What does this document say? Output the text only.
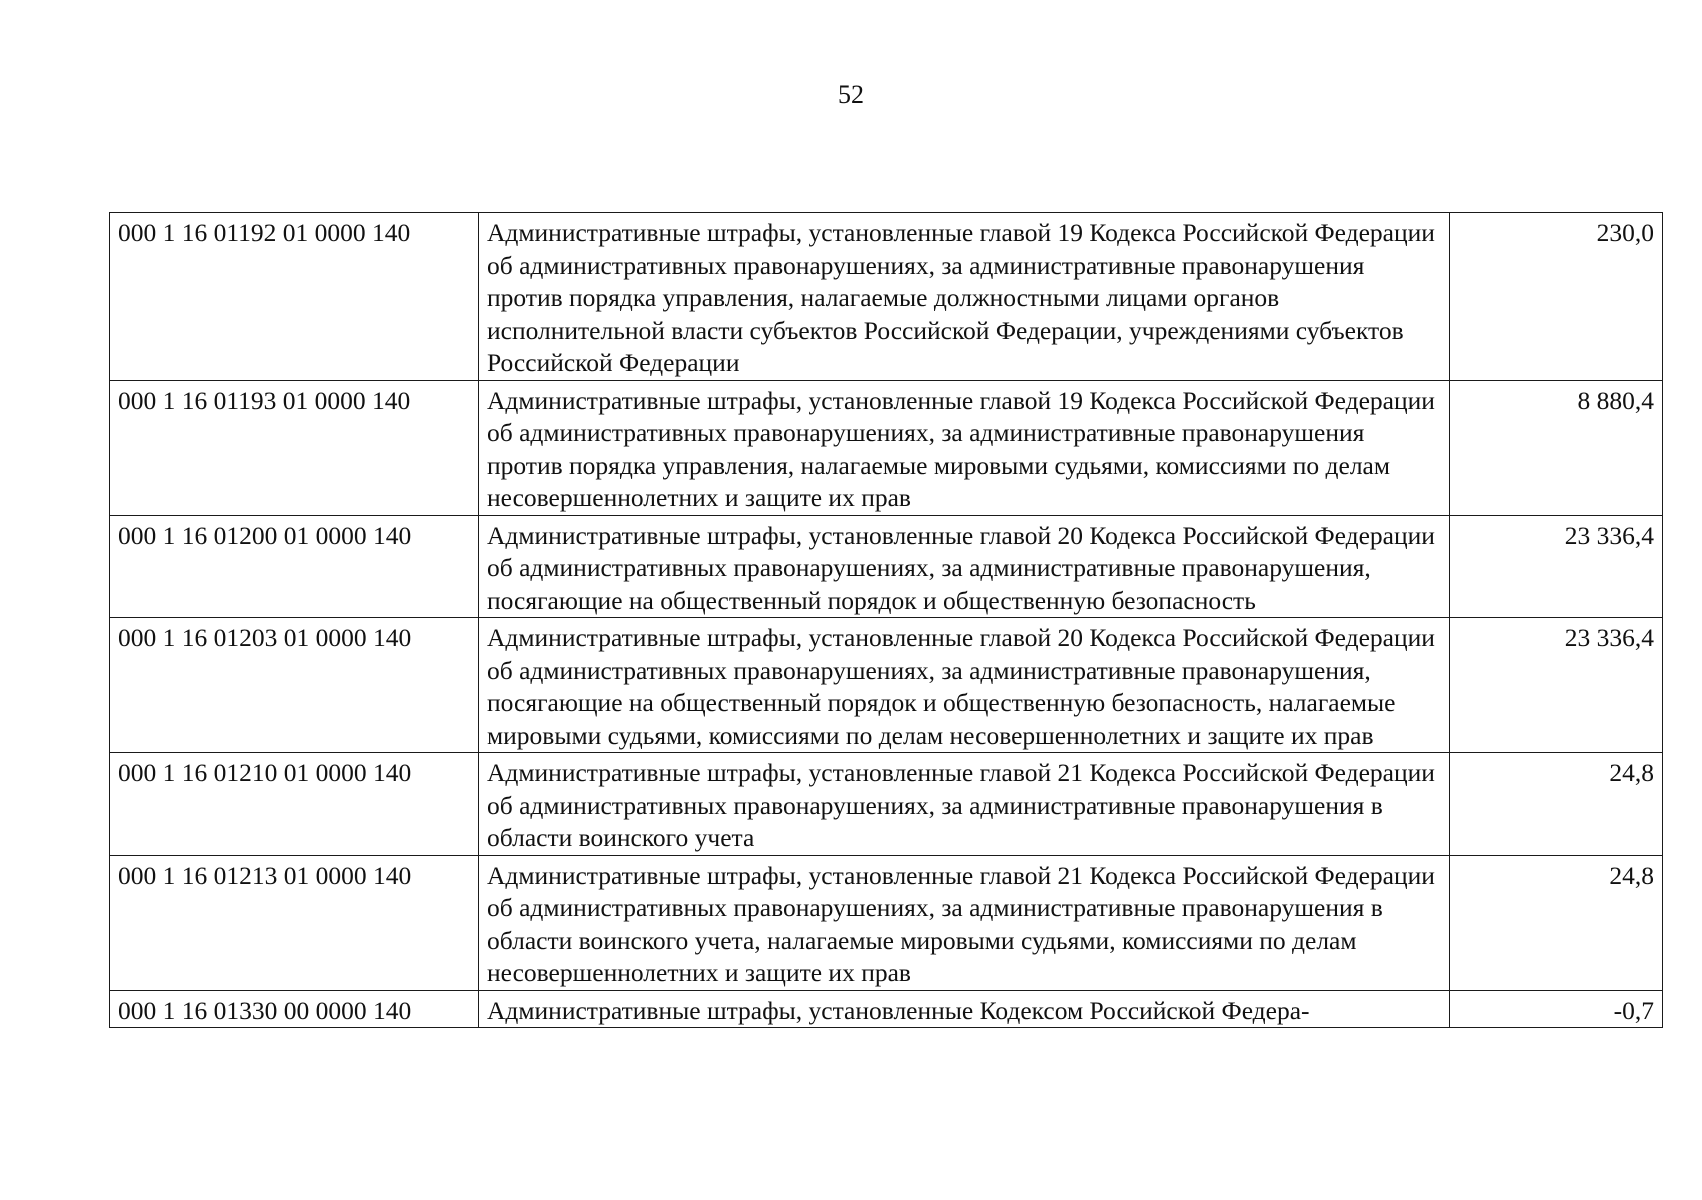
52
000 1 16 01192 01 0000 140	Административные штрафы, установленные главой 19 Кодекса Российской Федерации об административных правонарушениях, за административные правонарушения против порядка управления, налагаемые должностными лицами органов исполнительной власти субъектов Российской Федерации, учреждениями субъектов Российской Федерации	230,0
000 1 16 01193 01 0000 140	Административные штрафы, установленные главой 19 Кодекса Российской Федерации об административных правонарушениях, за административные правонарушения против порядка управления, налагаемые мировыми судьями, комиссиями по делам несовершеннолетних и защите их прав	8 880,4
000 1 16 01200 01 0000 140	Административные штрафы, установленные главой 20 Кодекса Российской Федерации об административных правонарушениях, за административные правонарушения, посягающие на общественный порядок и общественную безопасность	23 336,4
000 1 16 01203 01 0000 140	Административные штрафы, установленные главой 20 Кодекса Российской Федерации об административных правонарушениях, за административные правонарушения, посягающие на общественный порядок и общественную безопасность, налагаемые мировыми судьями, комиссиями по делам несовершеннолетних и защите их прав	23 336,4
000 1 16 01210 01 0000 140	Административные штрафы, установленные главой 21 Кодекса Российской Федерации об административных правонарушениях, за административные правонарушения в области воинского учета	24,8
000 1 16 01213 01 0000 140	Административные штрафы, установленные главой 21 Кодекса Российской Федерации об административных правонарушениях, за административные правонарушения в области воинского учета, налагаемые мировыми судьями, комиссиями по делам несовершеннолетних и защите их прав	24,8
000 1 16 01330 00 0000 140	Административные штрафы, установленные Кодексом Российской Федера-	-0,7
